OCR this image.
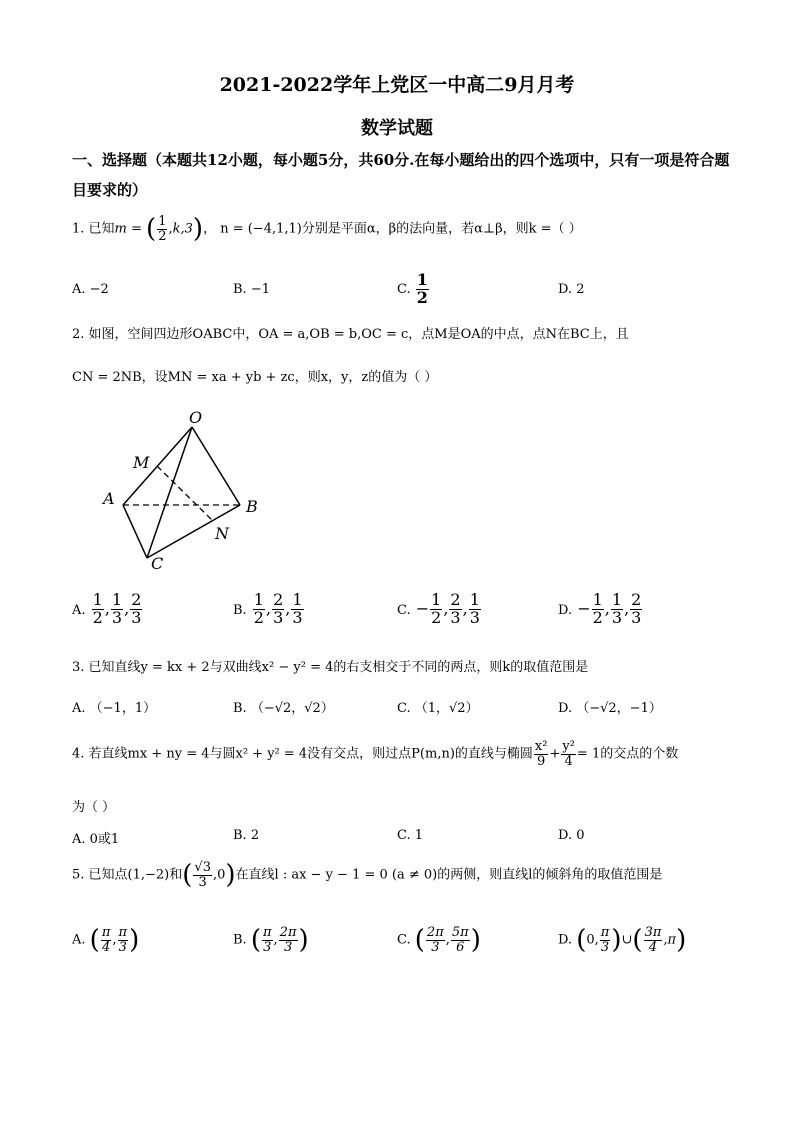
2021-2022学年上党区一中高二9月月考
数学试题
一、选择题（本题共12小题，每小题5分，共60分.在每小题给出的四个选项中，只有一项是符合题目要求的）
1. 已知m = ( $\frac{1}{2} ,k,3$)， n = (−4,1,1)分别是平面α，β的法向量，若α⊥β，则k =（ ）
A. −2	B. −1	C. $\frac{1}{2}$	D. 2
2. 如图，空间四边形OABC中，OA = a,OB = b,OC = c，点M是OA的中点，点N在BC上，且
CN = 2NB，设MN = xa + yb + zc，则x，y，z的值为（ ）
O
M
A	B
N
C
A. $\frac{1}{2}$ , $\frac{1}{3}$ , $\frac{2}{3}$	B. $\frac{1}{2}$ , $\frac{2}{3}$ , $\frac{1}{3}$	C. − $\frac{1}{2}$ , $\frac{2}{3}$ , $\frac{1}{3}$	D. − $\frac{1}{2}$ , $\frac{1}{3}$ , $\frac{2}{3}$
3. 已知直线y = kx + 2与双曲线x² − y² = 4的右支相交于不同的两点，则k的取值范围是
A. （−1，1）	B. （−√2，√2）	C. （1，√2）	D. （−√2，−1）
4. 若直线mx + ny = 4与圆x² + y² = 4没有交点，则过点P(m,n)的直线与椭圆 $\frac{\text{x²}}{9} + \frac{\text{y²}}{4} = 1$的交点的个数
为（ ）
A. 0或1	B. 2	C. 1	D. 0
5. 已知点(1,−2)和( $\frac{√3}{3} ,0$)在直线l : ax − y − 1 = 0 (a ≠ 0)的两侧，则直线l的倾斜角的取值范围是
A. ( $\frac{\pi}{4}$ , $\frac{\pi}{3}$ )	B. ( $\frac{\pi}{3}$ , $\frac{2\pi}{3}$ )	C. ( $\frac{2\pi}{3}$ , $\frac{5\pi}{6}$ )	D. (0, $\frac{\pi}{3}$ )∪( $\frac{3\pi}{4} ,\pi$)
